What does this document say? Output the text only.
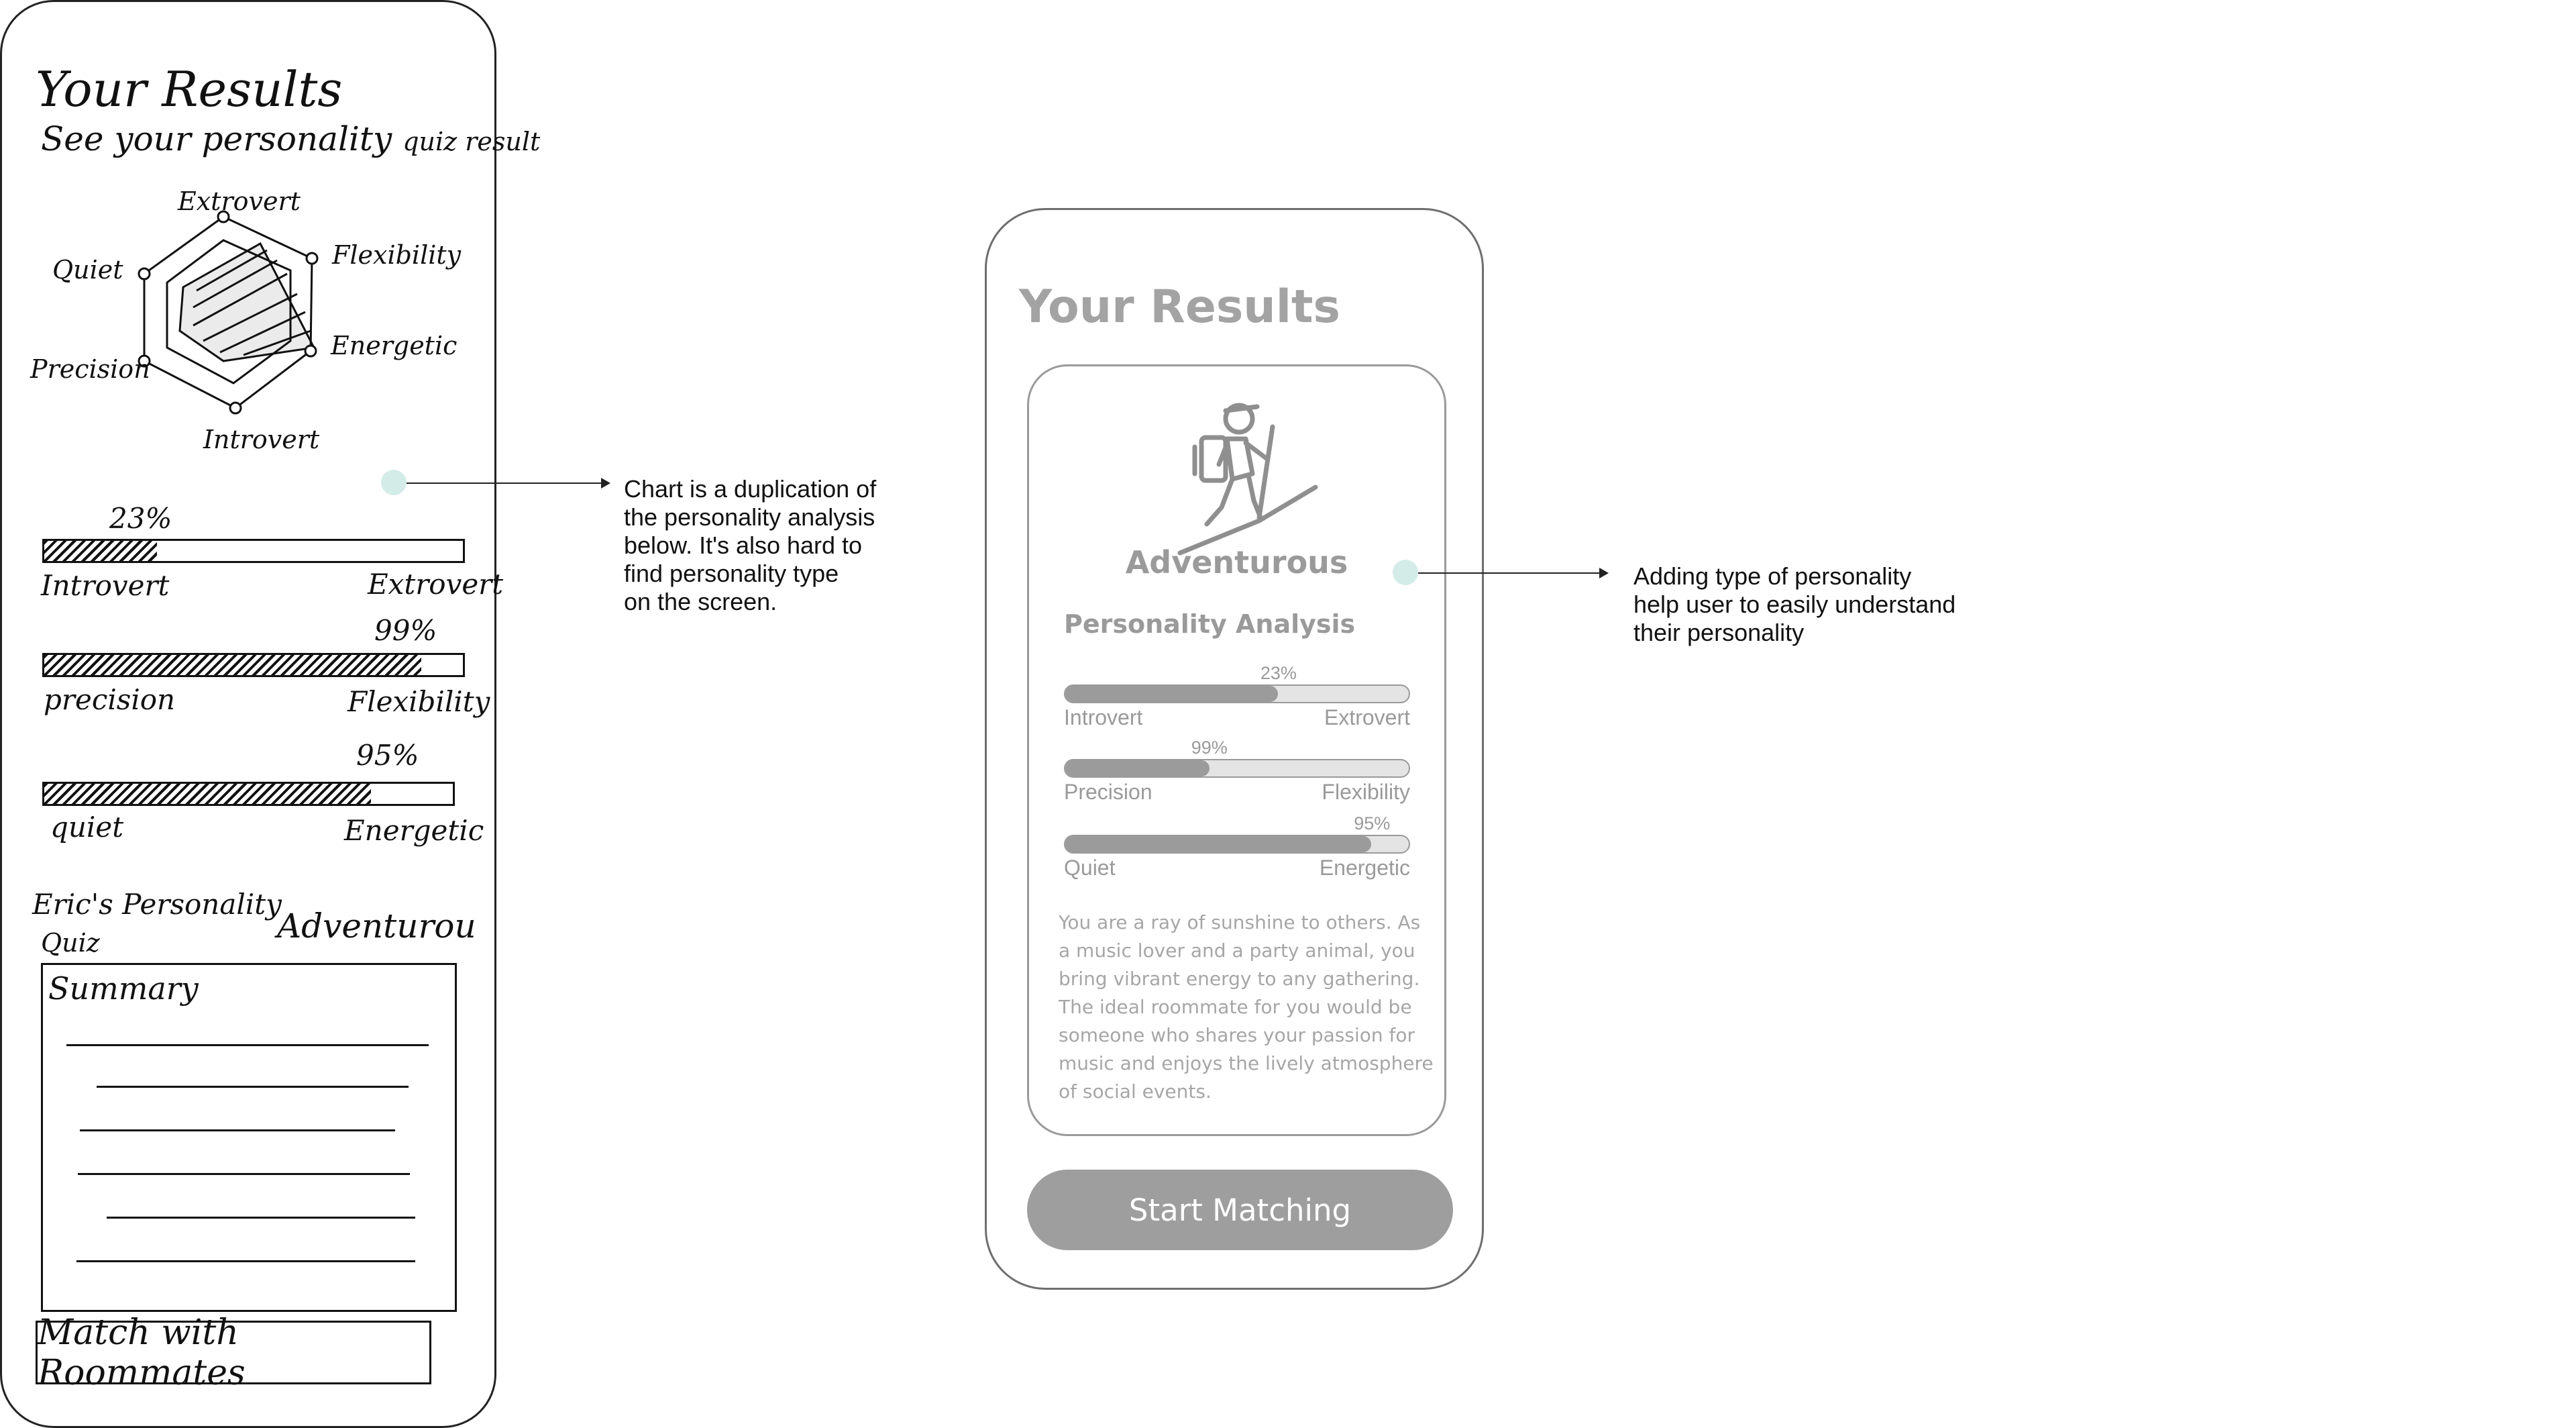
Your Results
See your personality quiz result
Extrovert
Flexibility
Energetic
Introvert
Precision
Quiet
23%
Introvert	Extrovert
99%
precision	Flexibility
95%
quiet	Energetic
Eric's Personality
Quiz	Adventurou
Summary
Match with Roommates
Chart is a duplication of
the personality analysis
below. It's also hard to
find personality type
on the screen.
Your Results
Adventurous
Personality Analysis
23%
Introvert	Extrovert
99%
Precision	Flexibility
95%
Quiet	Energetic

You are a ray of sunshine to others. As
a music lover and a party animal, you
bring vibrant energy to any gathering.
The ideal roommate for you would be
someone who shares your passion for
music and enjoys the lively atmosphere
of social events.

Start Matching
Adding type of personality
help user to easily understand
their personality
